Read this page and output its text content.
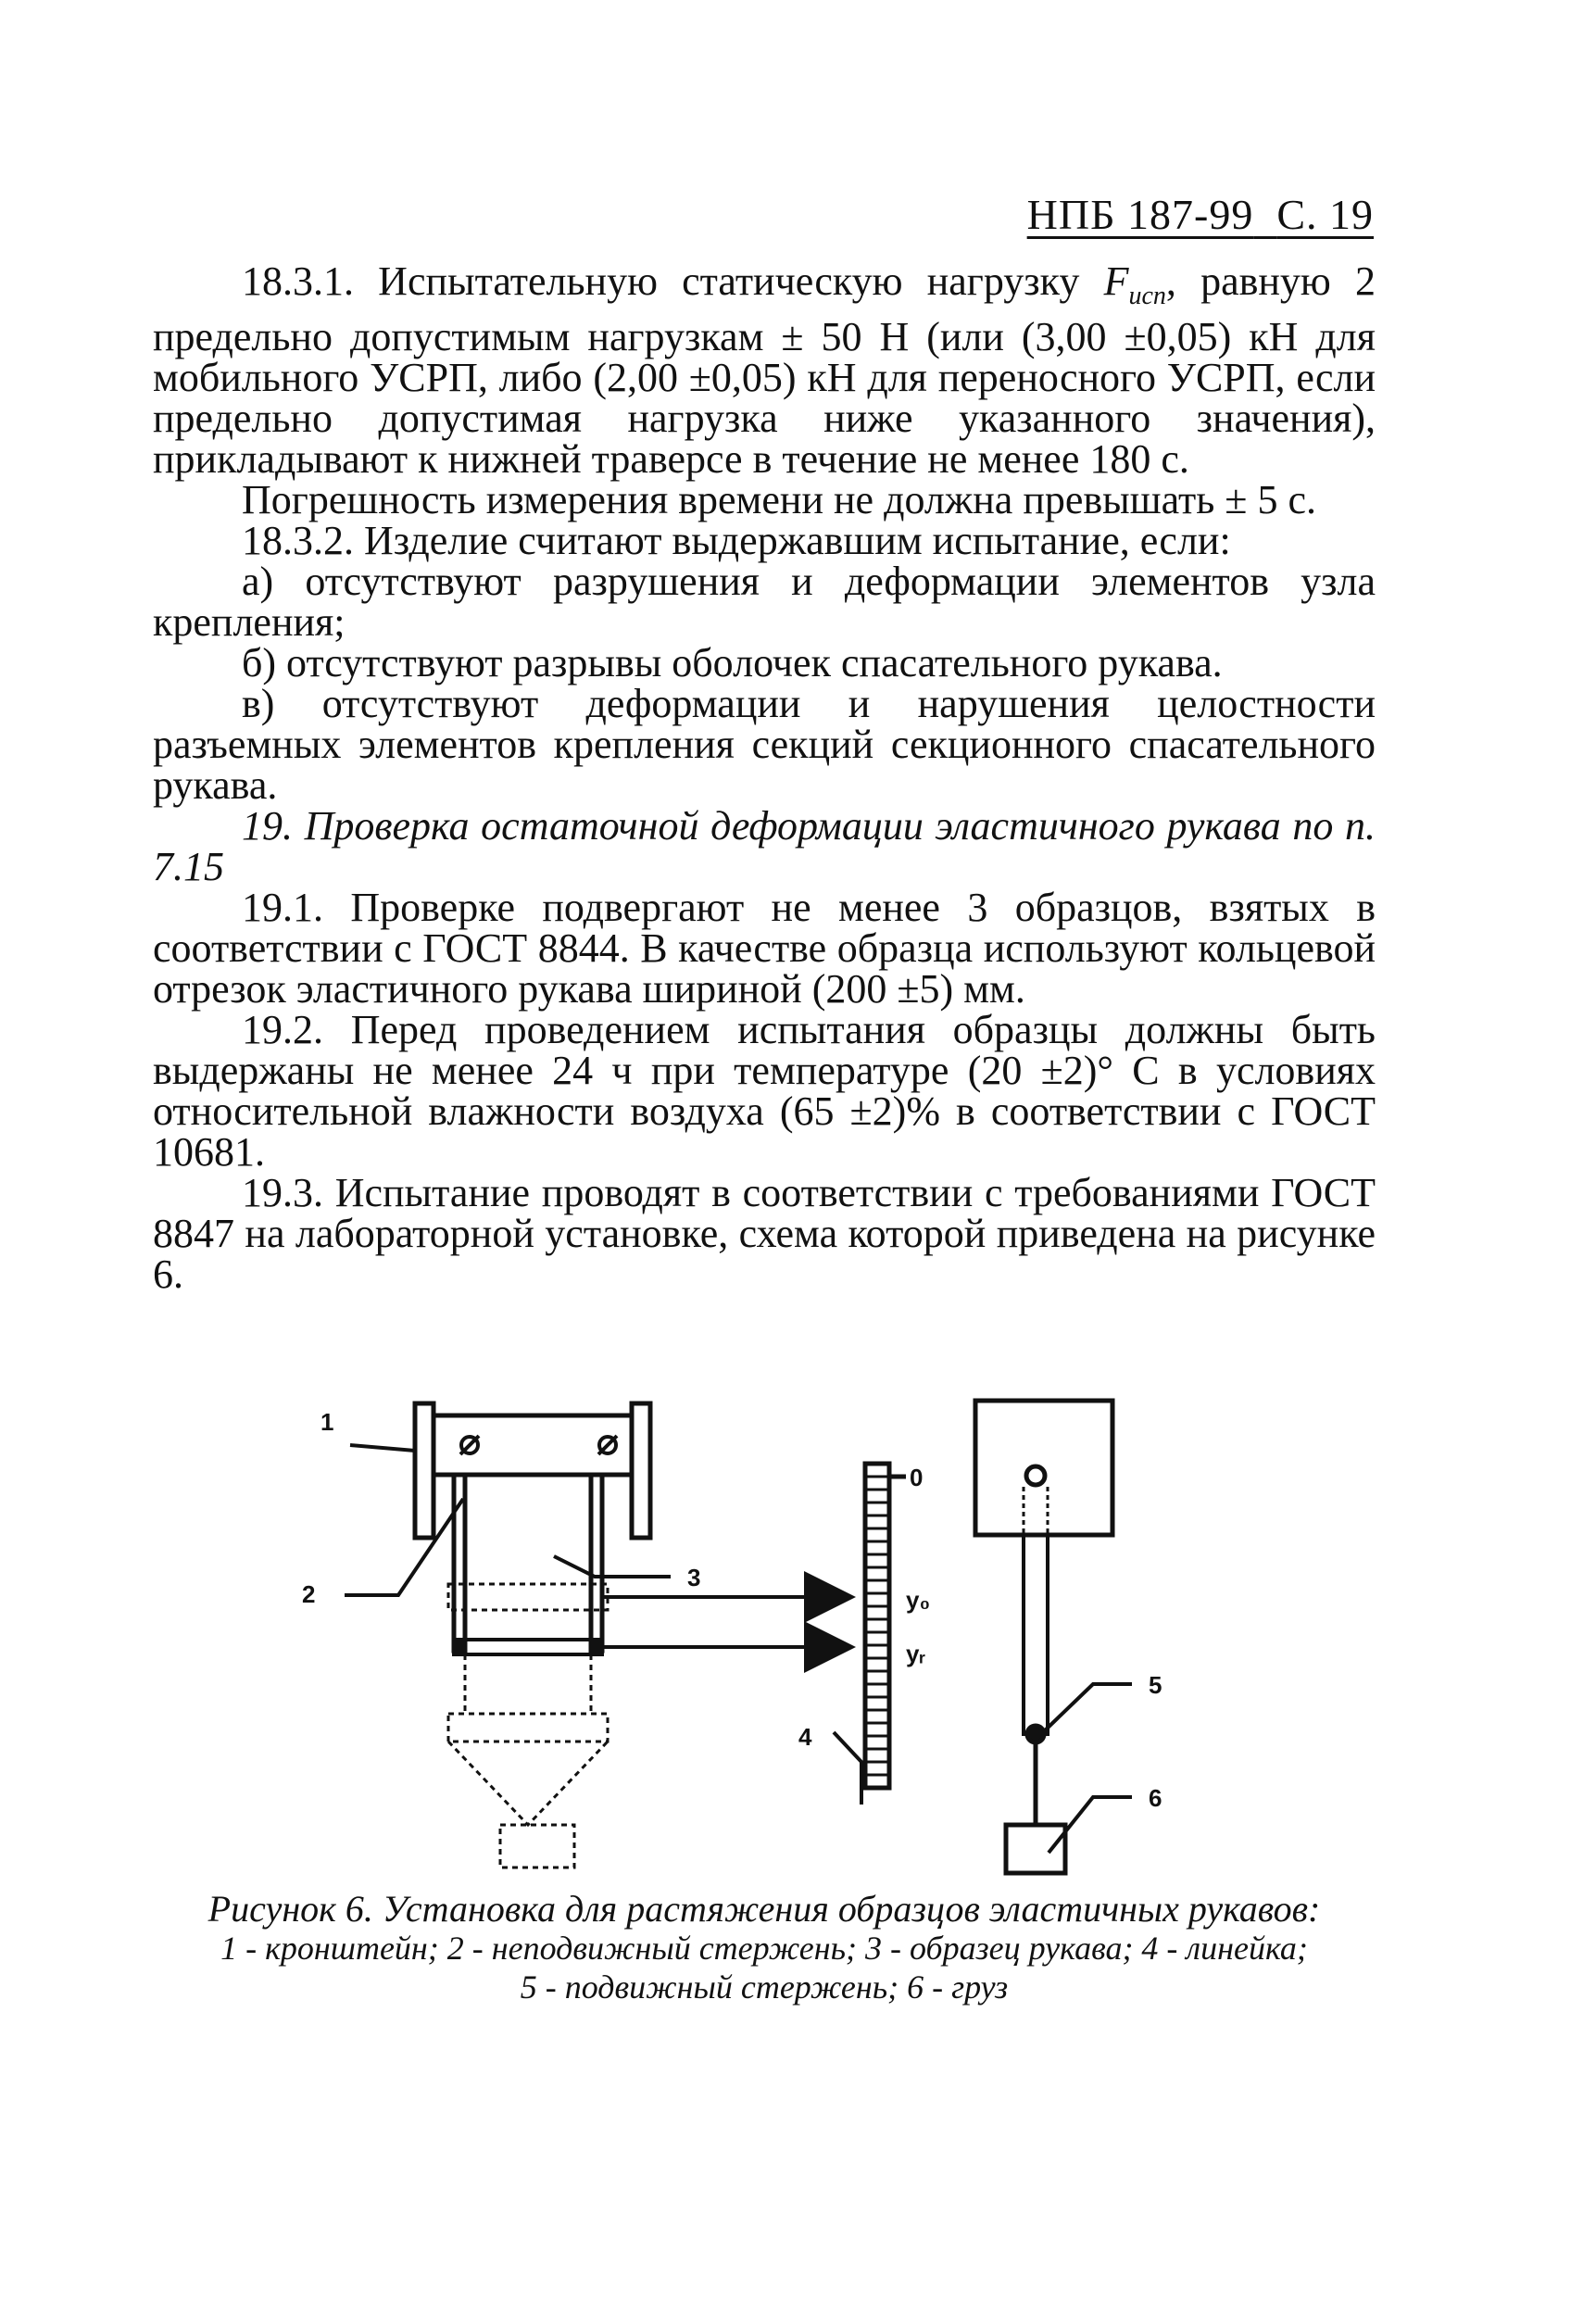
НПБ 187-99 С. 19

18.3.1. Испытательную статическую нагрузку $F_{исп}$, равную 2 предельно допустимым нагрузкам ± 50 Н (или (3,00 ±0,05) кН для мобильного УСРП, либо (2,00 ±0,05) кН для переносного УСРП, если предельно допустимая нагрузка ниже указанного значения), прикладывают к нижней траверсе в течение не менее 180 с.

Погрешность измерения времени не должна превышать ± 5 с.

18.3.2. Изделие считают выдержавшим испытание, если:

а) отсутствуют разрушения и деформации элементов узла крепления;

б) отсутствуют разрывы оболочек спасательного рукава.

в) отсутствуют деформации и нарушения целостности разъемных элементов крепления секций секционного спасательного рукава.

19. Проверка остаточной деформации эластичного рукава по п. 7.15

19.1. Проверке подвергают не менее 3 образцов, взятых в соответствии с ГОСТ 8844. В качестве образца используют кольцевой отрезок эластичного рукава шириной (200 ±5) мм.

19.2. Перед проведением испытания образцы должны быть выдержаны не менее 24 ч при температуре (20 ±2)° С в условиях относительной влажности воздуха (65 ±2)% в соответствии с ГОСТ 10681.

19.3. Испытание проводят в соответствии с требованиями ГОСТ 8847 на лабораторной установке, схема которой приведена на рисунке 6.

1
2
3
4
5
6
0
y₀
yᵣ
Рисунок 6. Установка для растяжения образцов эластичных рукавов:
1 - кронштейн; 2 - неподвижный стержень; 3 - образец рукава; 4 - линейка;
5 - подвижный стержень; 6 - груз
